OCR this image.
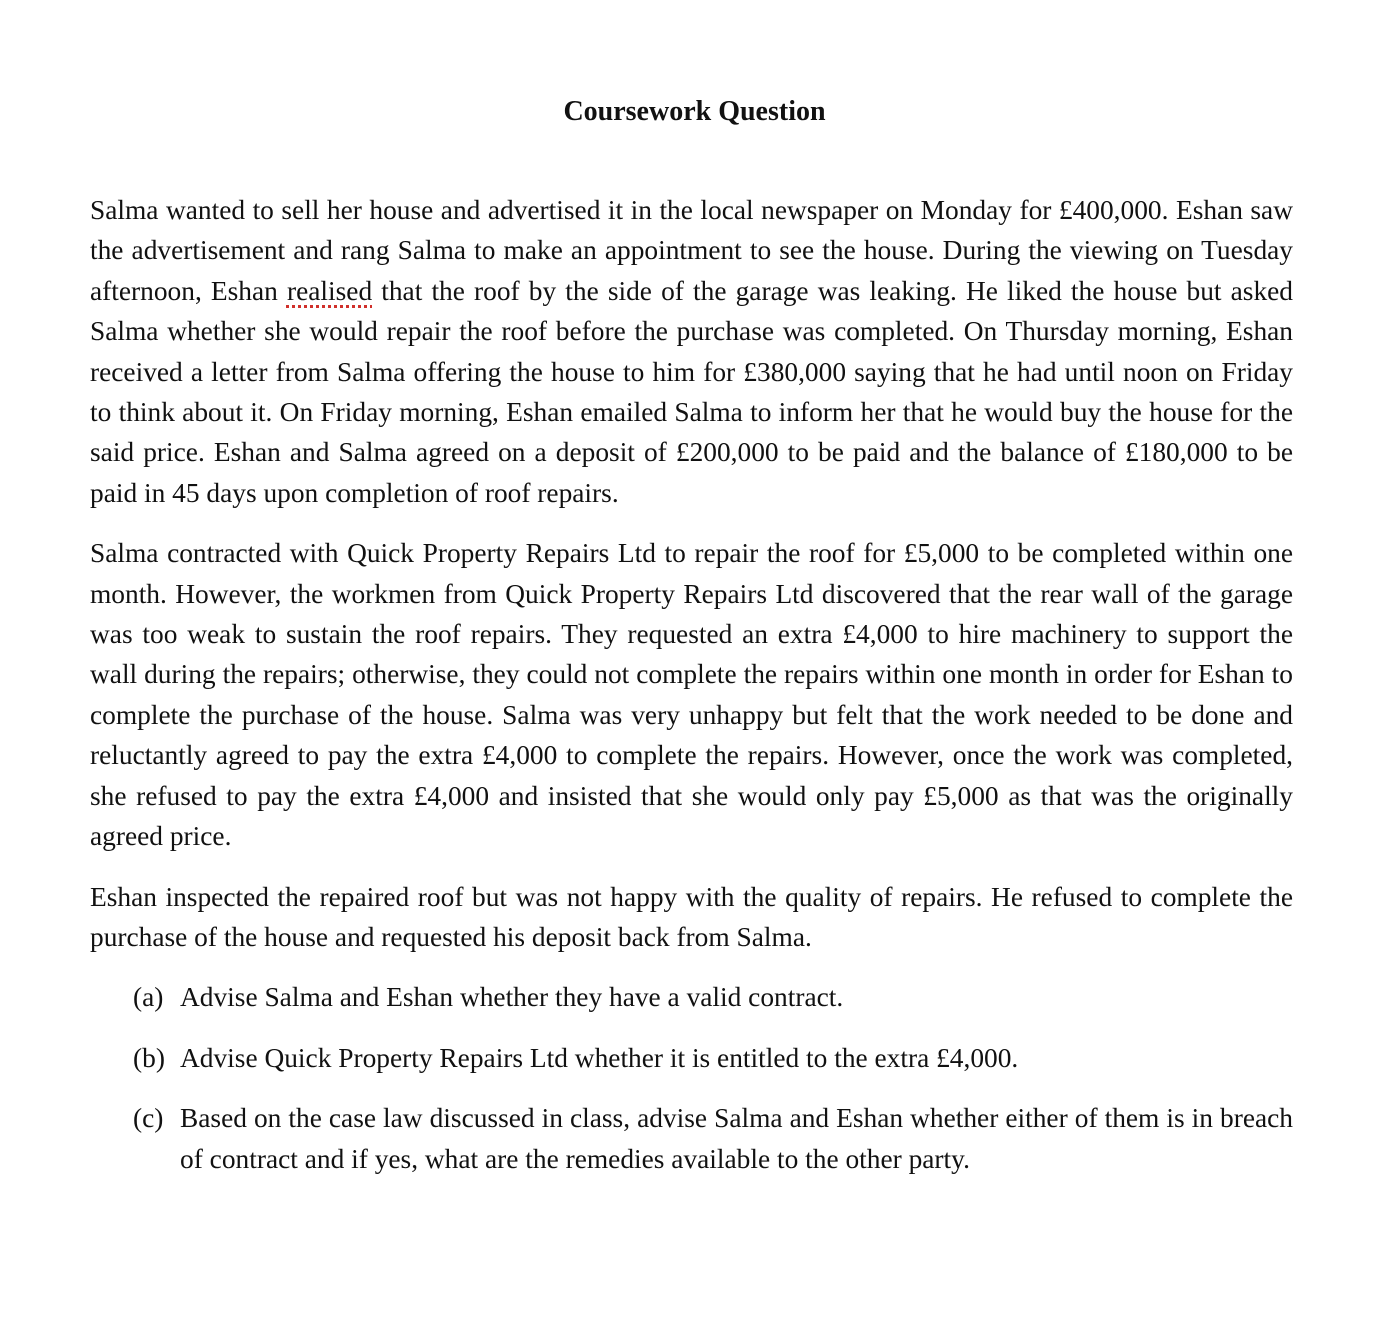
Coursework Question

Salma wanted to sell her house and advertised it in the local newspaper on Monday for £400,000. Eshan saw the advertisement and rang Salma to make an appointment to see the house. During the viewing on Tuesday afternoon, Eshan realised that the roof by the side of the garage was leaking. He liked the house but asked Salma whether she would repair the roof before the purchase was completed. On Thursday morning, Eshan received a letter from Salma offering the house to him for £380,000 saying that he had until noon on Friday to think about it. On Friday morning, Eshan emailed Salma to inform her that he would buy the house for the said price. Eshan and Salma agreed on a deposit of £200,000 to be paid and the balance of £180,000 to be paid in 45 days upon completion of roof repairs.

Salma contracted with Quick Property Repairs Ltd to repair the roof for £5,000 to be completed within one month. However, the workmen from Quick Property Repairs Ltd discovered that the rear wall of the garage was too weak to sustain the roof repairs. They requested an extra £4,000 to hire machinery to support the wall during the repairs; otherwise, they could not complete the repairs within one month in order for Eshan to complete the purchase of the house. Salma was very unhappy but felt that the work needed to be done and reluctantly agreed to pay the extra £4,000 to complete the repairs. However, once the work was completed, she refused to pay the extra £4,000 and insisted that she would only pay £5,000 as that was the originally agreed price.

Eshan inspected the repaired roof but was not happy with the quality of repairs. He refused to complete the purchase of the house and requested his deposit back from Salma.

(a) Advise Salma and Eshan whether they have a valid contract.
(b) Advise Quick Property Repairs Ltd whether it is entitled to the extra £4,000.
(c) Based on the case law discussed in class, advise Salma and Eshan whether either of them is in breach of contract and if yes, what are the remedies available to the other party.
